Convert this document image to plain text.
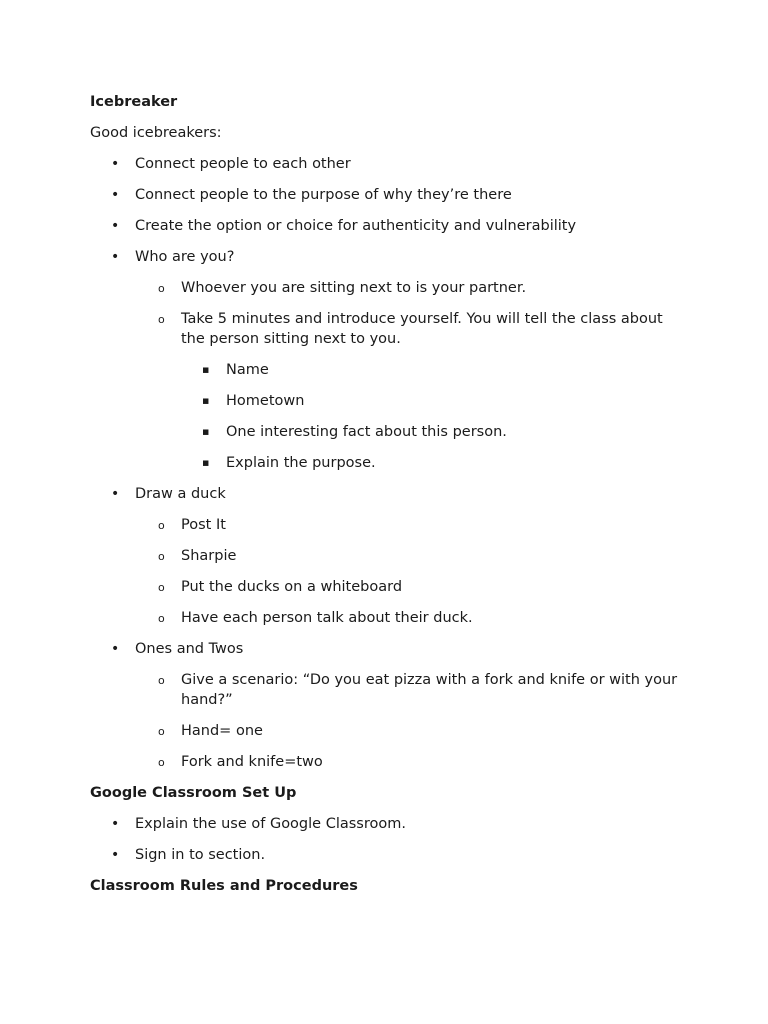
Icebreaker
Good icebreakers:
• Connect people to each other
• Connect people to the purpose of why they’re there
• Create the option or choice for authenticity and vulnerability
• Who are you?
o Whoever you are sitting next to is your partner.
o Take 5 minutes and introduce yourself. You will tell the class about the person sitting next to you.
▪ Name
▪ Hometown
▪ One interesting fact about this person.
▪ Explain the purpose.
• Draw a duck
o Post It
o Sharpie
o Put the ducks on a whiteboard
o Have each person talk about their duck.
• Ones and Twos
o Give a scenario: “Do you eat pizza with a fork and knife or with your hand?”
o Hand= one
o Fork and knife=two
Google Classroom Set Up
• Explain the use of Google Classroom.
• Sign in to section.
Classroom Rules and Procedures
